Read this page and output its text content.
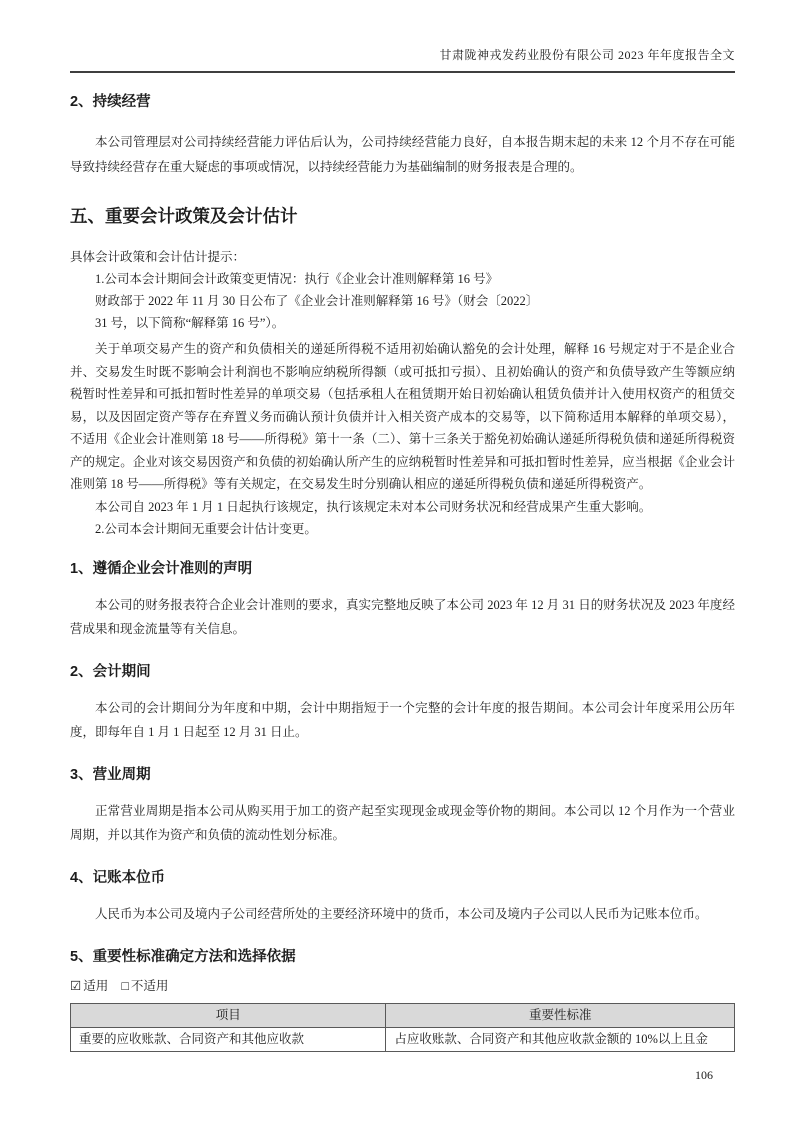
甘肃陇神戎发药业股份有限公司 2023 年年度报告全文
2、持续经营

本公司管理层对公司持续经营能力评估后认为，公司持续经营能力良好，自本报告期末起的未来 12 个月不存在可能导致持续经营存在重大疑虑的事项或情况，以持续经营能力为基础编制的财务报表是合理的。

五、重要会计政策及会计估计

具体会计政策和会计估计提示：

1.公司本会计期间会计政策变更情况：执行《企业会计准则解释第 16 号》

财政部于 2022 年 11 月 30 日公布了《企业会计准则解释第 16 号》（财会〔2022〕

31 号，以下简称“解释第 16 号”）。

关于单项交易产生的资产和负债相关的递延所得税不适用初始确认豁免的会计处理，解释 16 号规定对于不是企业合并、交易发生时既不影响会计利润也不影响应纳税所得额（或可抵扣亏损）、且初始确认的资产和负债导致产生等额应纳税暂时性差异和可抵扣暂时性差异的单项交易（包括承租人在租赁期开始日初始确认租赁负债并计入使用权资产的租赁交易，以及因固定资产等存在弃置义务而确认预计负债并计入相关资产成本的交易等，以下简称适用本解释的单项交易），不适用《企业会计准则第 18 号——所得税》第十一条（二）、第十三条关于豁免初始确认递延所得税负债和递延所得税资产的规定。企业对该交易因资产和负债的初始确认所产生的应纳税暂时性差异和可抵扣暂时性差异，应当根据《企业会计准则第 18 号——所得税》等有关规定，在交易发生时分别确认相应的递延所得税负债和递延所得税资产。

本公司自 2023 年 1 月 1 日起执行该规定，执行该规定未对本公司财务状况和经营成果产生重大影响。

2.公司本会计期间无重要会计估计变更。

1、遵循企业会计准则的声明

本公司的财务报表符合企业会计准则的要求，真实完整地反映了本公司 2023 年 12 月 31 日的财务状况及 2023 年度经营成果和现金流量等有关信息。

2、会计期间

本公司的会计期间分为年度和中期，会计中期指短于一个完整的会计年度的报告期间。本公司会计年度采用公历年度，即每年自 1 月 1 日起至 12 月 31 日止。

3、营业周期

正常营业周期是指本公司从购买用于加工的资产起至实现现金或现金等价物的期间。本公司以 12 个月作为一个营业周期，并以其作为资产和负债的流动性划分标准。

4、记账本位币

人民币为本公司及境内子公司经营所处的主要经济环境中的货币，本公司及境内子公司以人民币为记账本位币。

5、重要性标准确定方法和选择依据
☑ 适用 □ 不适用
项目	重要性标准
重要的应收账款、合同资产和其他应收款	占应收账款、合同资产和其他应收款金额的 10%以上且金
106
